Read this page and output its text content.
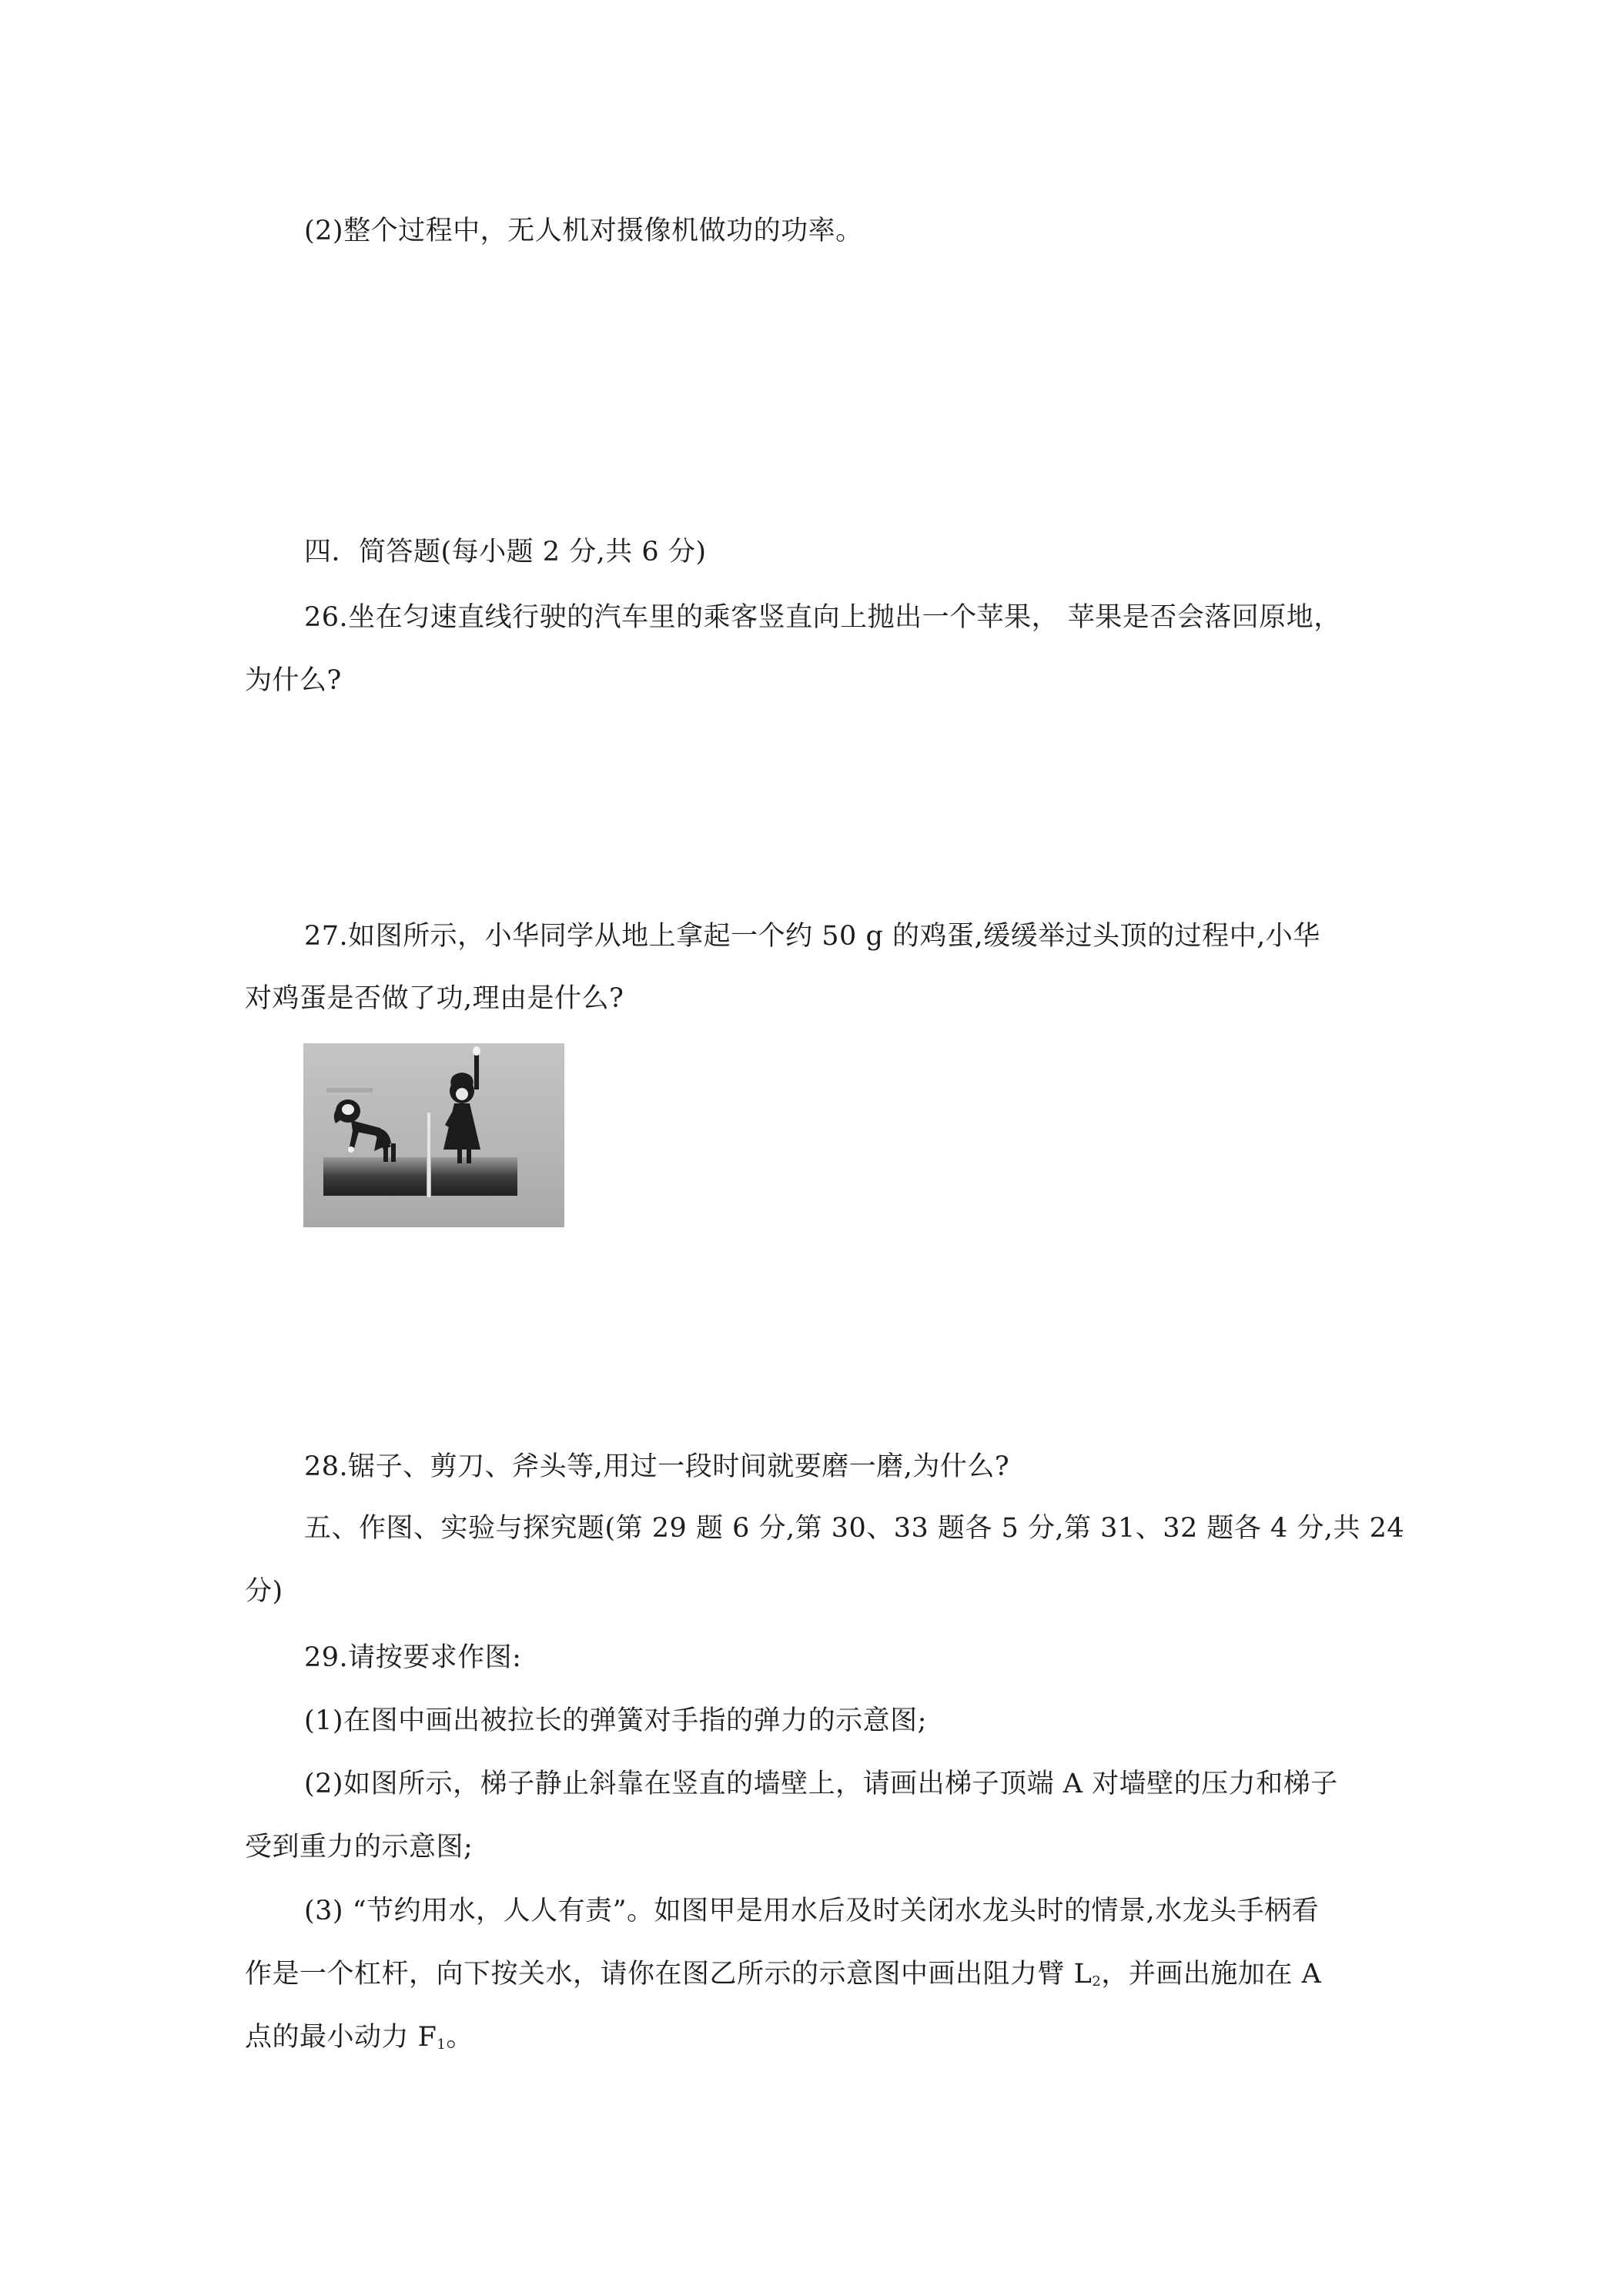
(2)整个过程中，无人机对摄像机做功的功率。
四．简答题(每小题 2 分,共 6 分)
26.坐在匀速直线行驶的汽车里的乘客竖直向上抛出一个苹果， 苹果是否会落回原地，
为什么?
27.如图所示，小华同学从地上拿起一个约 50 g 的鸡蛋,缓缓举过头顶的过程中,小华
对鸡蛋是否做了功,理由是什么?
28.锯子、剪刀、斧头等,用过一段时间就要磨一磨,为什么?
五、作图、实验与探究题(第 29 题 6 分,第 30、33 题各 5 分,第 31、32 题各 4 分,共 24
分)
29.请按要求作图:
(1)在图中画出被拉长的弹簧对手指的弹力的示意图;
(2)如图所示，梯子静止斜靠在竖直的墙壁上，请画出梯子顶端 A 对墙壁的压力和梯子
受到重力的示意图;
(3) “节约用水，人人有责”。如图甲是用水后及时关闭水龙头时的情景,水龙头手柄看
作是一个杠杆，向下按关水，请你在图乙所示的示意图中画出阻力臂 $L_2$，并画出施加在 A
点的最小动力 $F_1$。
